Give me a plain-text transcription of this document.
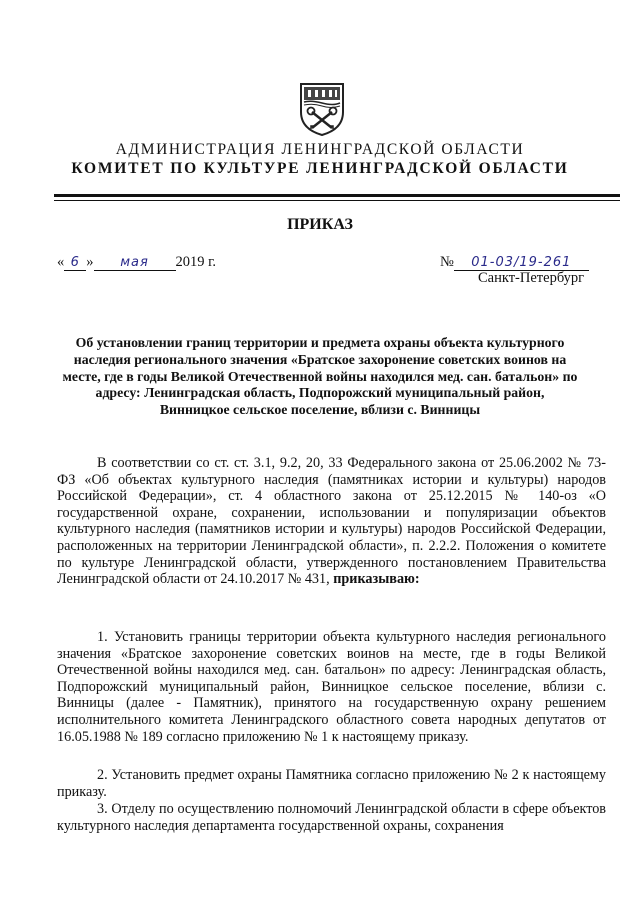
АДМИНИСТРАЦИЯ ЛЕНИНГРАДСКОЙ ОБЛАСТИ
КОМИТЕТ ПО КУЛЬТУРЕ ЛЕНИНГРАДСКОЙ ОБЛАСТИ
ПРИКАЗ
« 6 » мая 2019 г.	№ 01-03/19-261
Санкт-Петербург

Об установлении границ территории и предмета охраны объекта культурного наследия регионального значения «Братское захоронение советских воинов на месте, где в годы Великой Отечественной войны находился мед. сан. батальон» по адресу: Ленинградская область, Подпорожский муниципальный район, Винницкое сельское поселение, вблизи с. Винницы

В соответствии со ст. ст. 3.1, 9.2, 20, 33 Федерального закона от 25.06.2002 № 73-ФЗ «Об объектах культурного наследия (памятниках истории и культуры) народов Российской Федерации», ст. 4 областного закона от 25.12.2015 № 140-оз «О государственной охране, сохранении, использовании и популяризации объектов культурного наследия (памятников истории и культуры) народов Российской Федерации, расположенных на территории Ленинградской области», п. 2.2.2. Положения о комитете по культуре Ленинградской области, утвержденного постановлением Правительства Ленинградской области от 24.10.2017 № 431, приказываю:

1. Установить границы территории объекта культурного наследия регионального значения «Братское захоронение советских воинов на месте, где в годы Великой Отечественной войны находился мед. сан. батальон» по адресу: Ленинградская область, Подпорожский муниципальный район, Винницкое сельское поселение, вблизи с. Винницы (далее - Памятник), принятого на государственную охрану решением исполнительного комитета Ленинградского областного совета народных депутатов от 16.05.1988 № 189 согласно приложению № 1 к настоящему приказу.

2. Установить предмет охраны Памятника согласно приложению № 2 к настоящему приказу.

3. Отделу по осуществлению полномочий Ленинградской области в сфере объектов культурного наследия департамента государственной охраны, сохранения
